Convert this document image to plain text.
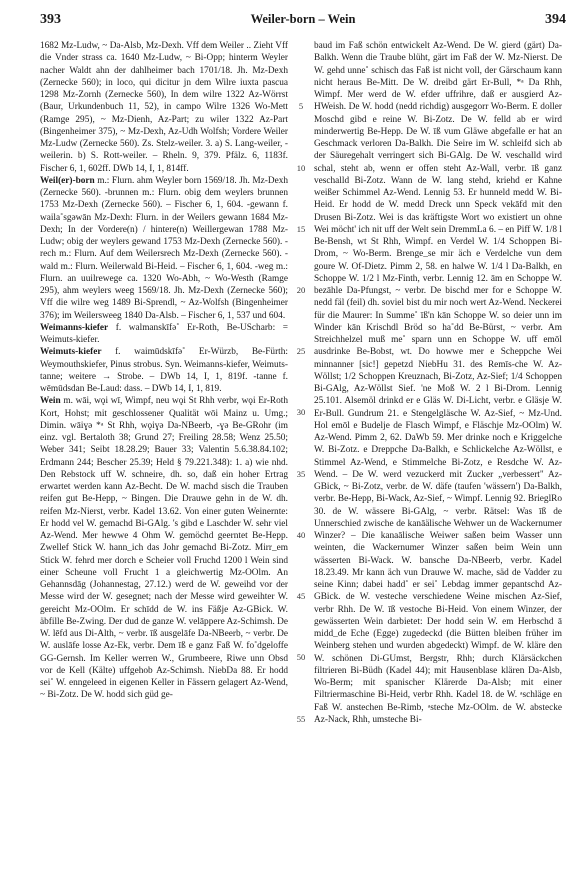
393	Weiler-born – Wein	394

1682 Mz-Ludw, ~ Da-Alsb, Mz-Dexh. Vff dem Weiler .. Zieht Vff die Vnder strass ca. 1640 Mz-Ludw, ~ Bi-Opp; hinterm Weyler nacher Waldt ahn der dahlheimer bach 1701/18. Jh. Mz-Dexh (Zernecke 560); in loco, qui dicitur jn dem Wilre iuxta pascua 1298 Mz-Zornh (Zernecke 560), In dem wilre 1322 Az-Wörrst (Baur, Urkundenbuch 11, 52), in campo Wilre 1326 Wo-Mett (Ramge 295), ~ Mz-Dienh, Az-Part; zu wiler 1322 Az-Part (Bingenheimer 375), ~ Mz-Dexh, Az-Udh Wolfsh; Vordere Weiler Mz-Ludw (Zernecke 560). Zs. Stelz-weiler. 3. a) S. Lang-weiler, -weilerin. b) S. Rott-weiler. – Rheln. 9, 379. Pfälz. 6, 1183f. Fischer 6, 1, 602ff. DWb 14, I, 1, 814ff.

Weil(er)-born m.: Flurn. ahm Weyler born 1569/18. Jh. Mz-Dexh (Zernecke 560). -brunnen m.: Flurn. obig dem weylers brunnen 1753 Mz-Dexh (Zernecke 560). – Fischer 6, 1, 604. -gewann f. waila˚sgəwān Mz-Dexh: Flurn. in der Weilers gewann 1684 Mz-Dexh; In der Vordere(n) / hintere(n) Weillergewan 1788 Mz-Ludw; obig der weylers gewand 1753 Mz-Dexh (Zernecke 560). -rech m.: Flurn. Auf dem Weilersrech Mz-Dexh (Zernecke 560). -wald m.: Flurn. Weilerwald Bi-Heid. – Fischer 6, 1, 604. -weg m.: Flurn. an uuilrewege ca. 1320 Wo-Abh, ~ Wo-Westh (Ramge 295), ahm weylers weeg 1569/18. Jh. Mz-Dexh (Zernecke 560); Vff die wilre weg 1489 Bi-Sprendl, ~ Az-Wolfsh (Bingenheimer 376); im Weilersweeg 1840 Da-Alsb. – Fischer 6, 1, 537 und 604.

Weimanns-kiefer f. walmanskīfə˚ Er-Roth, Be-UScharb: = Weimuts-kiefer.

Weimuts-kiefer f. waimūdskīfə˚ Er-Würzb, Be-Fürth: Weymouthskiefer, Pinus strobus. Syn. Weimanns-kiefer, Weimuts-tanne; weitere → Strobe. – DWb 14, I, 1, 819f. -tanne f. wēmūdsdan Be-Laud: dass. – DWb 14, I, 1, 819.

Wein m. wāi, wǫi wī, Wimpf, neu wǫi St Rhh verbr, wǫi Er-Roth Kort, Hohst; mit geschlossener Qualität wōi Mainz u. Umg.; Dimin. wāiɣə *ᵃ St Rhh, wǫiɣə Da-NBeerb, -ɣə Be-GRohr (im einz. vgl. Bertaloth 38; Grund 27; Freiling 28.58; Wenz 25.50; Weber 341; Seibt 18.28.29; Bauer 33; Valentin 5.6.38.84.102; Erdmann 244; Bescher 25.39; Held § 79.221.348): 1. a) wie nhd. Den Rebstock uff W. schneire, dh. so, daß ein hoher Ertrag erwartet werden kann Az-Becht. De W. machd sisch die Trauben reifen gut Be-Hepp, ~ Bingen. Die Drauwe gehn in de W. dh. reifen Mz-Nierst, verbr. Kadel 13.62. Von einer guten Weinernte: Er hodd vel W. gemachd Bi-GAlg. 's gibd e Laschder W. sehr viel Az-Wend. Mer hewwe 4 Ohm W. gemöchd geerntet Be-Hepp. Zwellef Stick W. hann_ich das Johr gemachd Bi-Zotz. Mirr_em Stick W. fehrd mer dorch e Scheier voll Fruchd 1200 l Wein sind einer Scheune voll Frucht 1 a gleichwertig Mz-OOlm. An Gehannsdāg (Johannestag, 27.12.) werd de W. geweihd vor der Messe wird der W. gesegnet; nach der Messe wird geweihter W. gereicht Mz-OOlm. Er schīdd de W. ins Fäßje Az-GBick. W. äbfille Be-Zwing. Der dud de ganze W. velāppere Az-Schimsh. De W. lēfd aus Di-Alth, ~ verbr. īß ausgelāfe Da-NBeerb, ~ verbr. De W. auslāfe losse Az-Ek, verbr. Dem īß e ganz Faß W. fo˚dgeloffe GG-Gernsh. Im Keller werren W., Grumbeere, Riwe unn Obsd vor de Kell (Kälte) uffgehob Az-Schimsh. NiebDa 88. Er hodd sei˚ W. enngeleed in eigenen Keller in Fässern gelagert Az-Wend, ~ Bi-Zotz. De W. hodd sich güd ge-

5
10
15
20
25
30
35
40
45
50
55

baud im Faß schön entwickelt Az-Wend. De W. gierd (gärt) Da-Balkh. Wenn die Traube blüht, gärt im Faß der W. Mz-Nierst. De W. gehd unne˚ schisch das Faß ist nicht voll, der Gärschaum kann nicht heraus Be-Mitt. De W. dreibd gärt Er-Bull, *ᵃ Da Rhh, Wimpf. Mer werd de W. efder uffrihre, daß er ausgierd Az-HWeish. De W. hodd (nedd richdig) ausgegorr Wo-Berm. E doller Moschd gibd e reine W. Bi-Zotz. De W. felld ab er wird minderwertig Be-Hepp. De W. īß vum Gläwe abgefalle er hat an Geschmack verloren Da-Balkh. Die Seire im W. schleifd sich ab der Säuregehalt verringert sich Bi-GAlg. De W. veschalld wird schal, steht ab, wenn er offen steht Az-Wall, verbr. īß ganz veschalld Bi-Zotz. Wann de W. lang stehd, kriehd er Kahne weißer Schimmel Az-Wend. Lennig 53. Er hunneld medd W. Bi-Heid. Er hodd de W. medd Dreck unn Speck vekāfd mit den Drusen Bi-Zotz. Wei is das kräftigste Wort wo existiert un ohne Wei möcht' ich nit uff der Welt sein DremmLa 6. – en Piff W. 1/8 l Be-Bensh, wt St Rhh, Wimpf. en Verdel W. 1/4 Schoppen Bi-Drom, ~ Wo-Berm. Brenge_se mir äch e Verdelche vun dem goure W. Of-Dietz. Pimm 2, 58. en halwe W. 1/4 l Da-Balkh, en Schoppe W. 1/2 l Mz-Finth, verbr. Lennig 12. ām en Schoppe W. bezāhle Da-Pfungst, ~ verbr. De bischd mer for e Schoppe W. nedd fäl (feil) dh. soviel bist du mir noch wert Az-Wend. Neckerei für die Maurer: In Summe˚ īß'n kān Schoppe W. so deier unn im Winder kān Krischdl Bröd so ha˚dd Be-Bürst, ~ verbr. Am Streichhelzel muß me˚ sparn unn en Schoppe W. uff emōl ausdrinke Be-Bobst, wt. Do howwe mer e Scheppche Wei minnanner [sic!] gepetzd NiebHu 31. des Remīs-che W. Az-Wöllst; 1/2 Schoppen Kreuznach, Bi-Zotz, Az-Sief; 1/4 Schoppen Bi-GAlg, Az-Wöllst Sief. 'ne Moß W. 2 l Bi-Drom. Lennig 25.101. Alsemöl drinkd er e Gläs W. Di-Licht, verbr. e Gläsje W. Er-Bull. Gundrum 21. e Stengelgläsche W. Az-Sief, ~ Mz-Und. Hol emōl e Budelje de Flasch Wimpf, e Fläschje Mz-OOlm) W. Az-Wend. Pimm 2, 62. DaWb 59. Mer drinke noch e Kriggelche W. Bi-Zotz. e Dreppche Da-Balkh, e Schlickelche Az-Wöllst, e Stimmel Az-Wend, e Stimmelche Bi-Zotz, e Resdche W. Az-Wend. – De W. werd vezuckerd mit Zucker „verbessert" Az-GBick, ~ Bi-Zotz, verbr. de W. däfe (taufen 'wässern') Da-Balkh, verbr. Be-Hepp, Bi-Wack, Az-Sief, ~ Wimpf. Lennig 92. BrieglRo 30. de W. wässere Bi-GAlg, ~ verbr. Rätsel: Was īß de Unnerschied zwische de kanāälische Wehwer un de Wackernumer Winzer? – Die kanaālische Weiwer saßen beim Wasser unn weinten, die Wackernumer Winzer saßen beim Wein unn wässerten Bi-Wack. W. bansche Da-NBeerb, verbr. Kadel 18.23.49. Mr kann äch vun Drauwe W. mache, säd de Vadder zu seine Kinn; dabei hadd˚ er sei˚ Lebdag immer gepantschd Az-GBick. de W. vesteche verschiedene Weine mischen Az-Sief, verbr Rhh. De W. īß vestoche Bi-Heid. Von einem Winzer, der gewässerten Wein darbietet: Der hodd sein W. em Herbschd ā midd_de Eche (Egge) zugedeckd (die Bütten bleiben früher im Weinberg stehen und wurden abgedeckt) Wimpf. de W. kläre den W. schönen Di-GUmst, Bergstr, Rhh; durch Klärsäckchen filtrieren Bi-Büdh (Kadel 44); mit Hausenblase klären Da-Alsb, Wo-Berm; mit spanischer Klärerde Da-Alsb; mit einer Filtriermaschine Bi-Heid, verbr Rhh. Kadel 18. de W. ᵃschläge en Faß W. anstechen Be-Rimb, ᵃsteche Mz-OOlm. de W. abstecke Az-Nack, Rhh, umsteche Bi-
